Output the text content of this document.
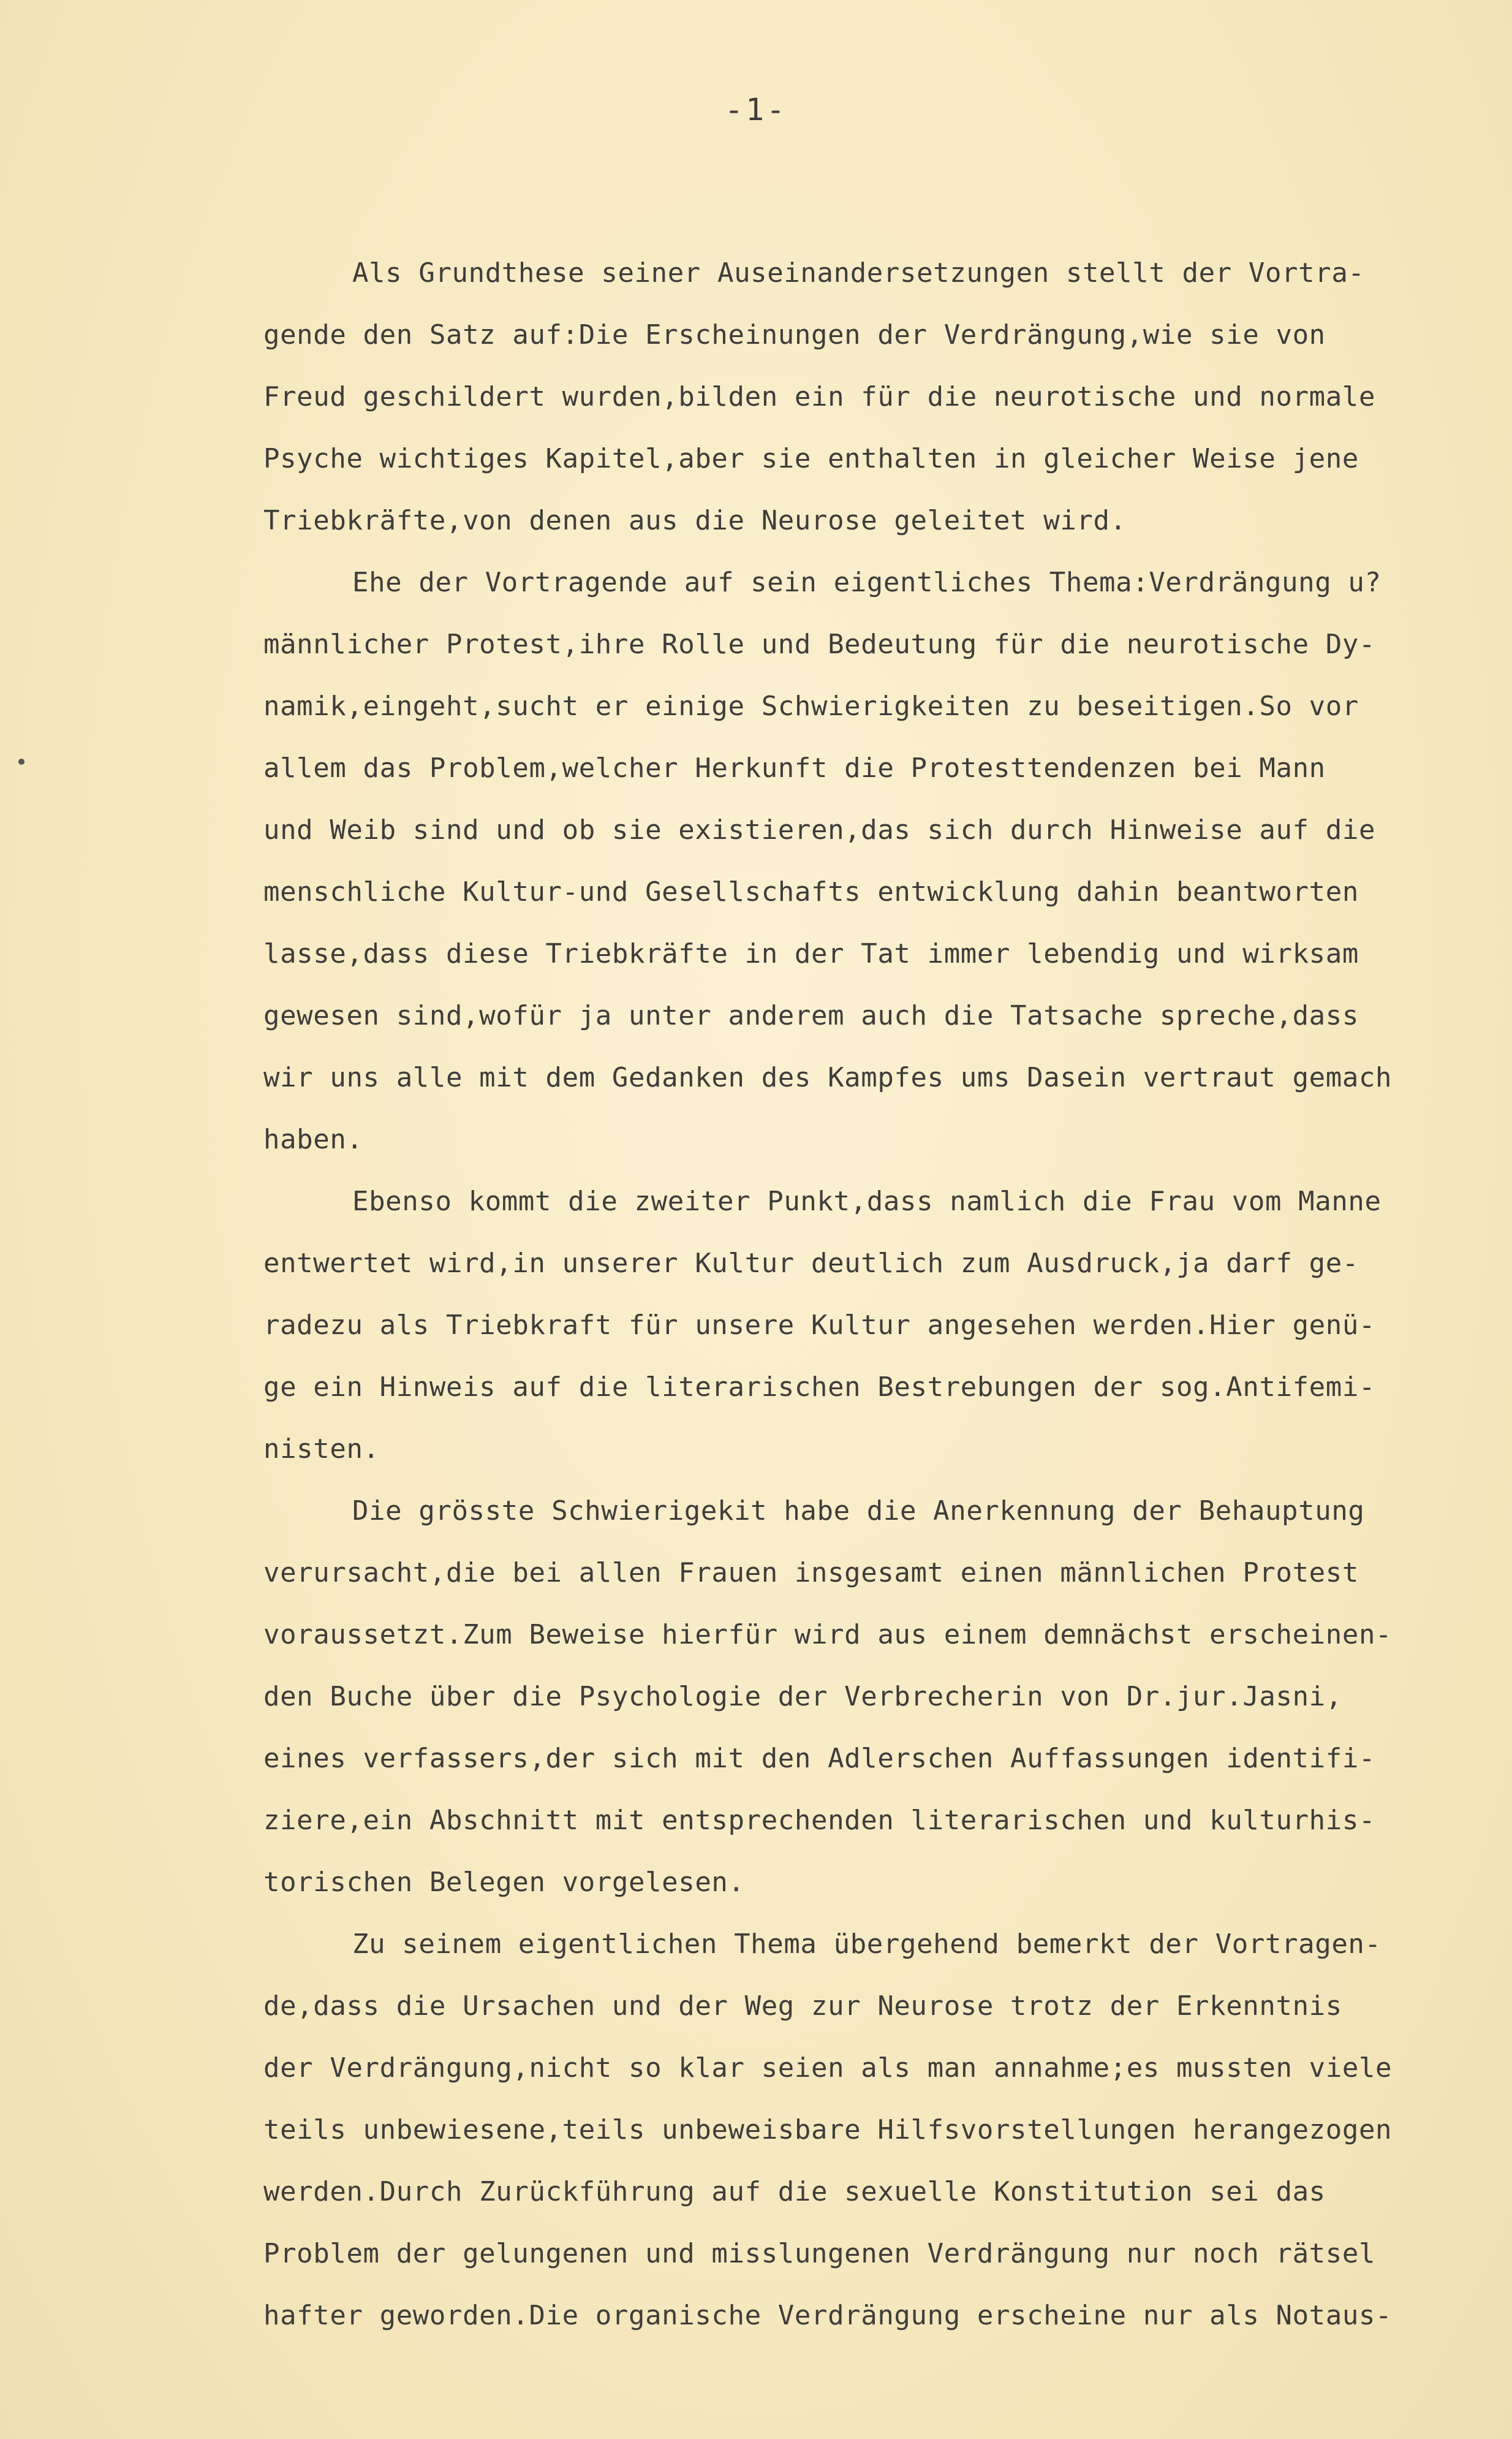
-1-
Als Grundthese seiner Auseinandersetzungen stellt der Vortra-
gende den Satz auf:Die Erscheinungen der Verdrängung,wie sie von
Freud geschildert wurden,bilden ein für die neurotische und normale
Psyche wichtiges Kapitel,aber sie enthalten in gleicher Weise jene
Triebkräfte,von denen aus die Neurose geleitet wird.
Ehe der Vortragende auf sein eigentliches Thema:Verdrängung u?
männlicher Protest,ihre Rolle und Bedeutung für die neurotische Dy-
namik,eingeht,sucht er einige Schwierigkeiten zu beseitigen.So vor
allem das Problem,welcher Herkunft die Protesttendenzen bei Mann
und Weib sind und ob sie existieren,das sich durch Hinweise auf die
menschliche Kultur-und Gesellschafts entwicklung dahin beantworten
lasse,dass diese Triebkräfte in der Tat immer lebendig und wirksam
gewesen sind,wofür ja unter anderem auch die Tatsache spreche,dass
wir uns alle mit dem Gedanken des Kampfes ums Dasein vertraut gemach
haben.
Ebenso kommt die zweiter Punkt,dass namlich die Frau vom Manne
entwertet wird,in unserer Kultur deutlich zum Ausdruck,ja darf ge-
radezu als Triebkraft für unsere Kultur angesehen werden.Hier genü-
ge ein Hinweis auf die literarischen Bestrebungen der sog.Antifemi-
nisten.
Die grösste Schwierigekit habe die Anerkennung der Behauptung
verursacht,die bei allen Frauen insgesamt einen männlichen Protest
voraussetzt.Zum Beweise hierfür wird aus einem demnächst erscheinen-
den Buche über die Psychologie der Verbrecherin von Dr.jur.Jasni,
eines verfassers,der sich mit den Adlerschen Auffassungen identifi-
ziere,ein Abschnitt mit entsprechenden literarischen und kulturhis-
torischen Belegen vorgelesen.
Zu seinem eigentlichen Thema übergehend bemerkt der Vortragen-
de,dass die Ursachen und der Weg zur Neurose trotz der Erkenntnis
der Verdrängung,nicht so klar seien als man annahme;es mussten viele
teils unbewiesene,teils unbeweisbare Hilfsvorstellungen herangezogen
werden.Durch Zurückführung auf die sexuelle Konstitution sei das
Problem der gelungenen und misslungenen Verdrängung nur noch rätsel
hafter geworden.Die organische Verdrängung erscheine nur als Notaus-
